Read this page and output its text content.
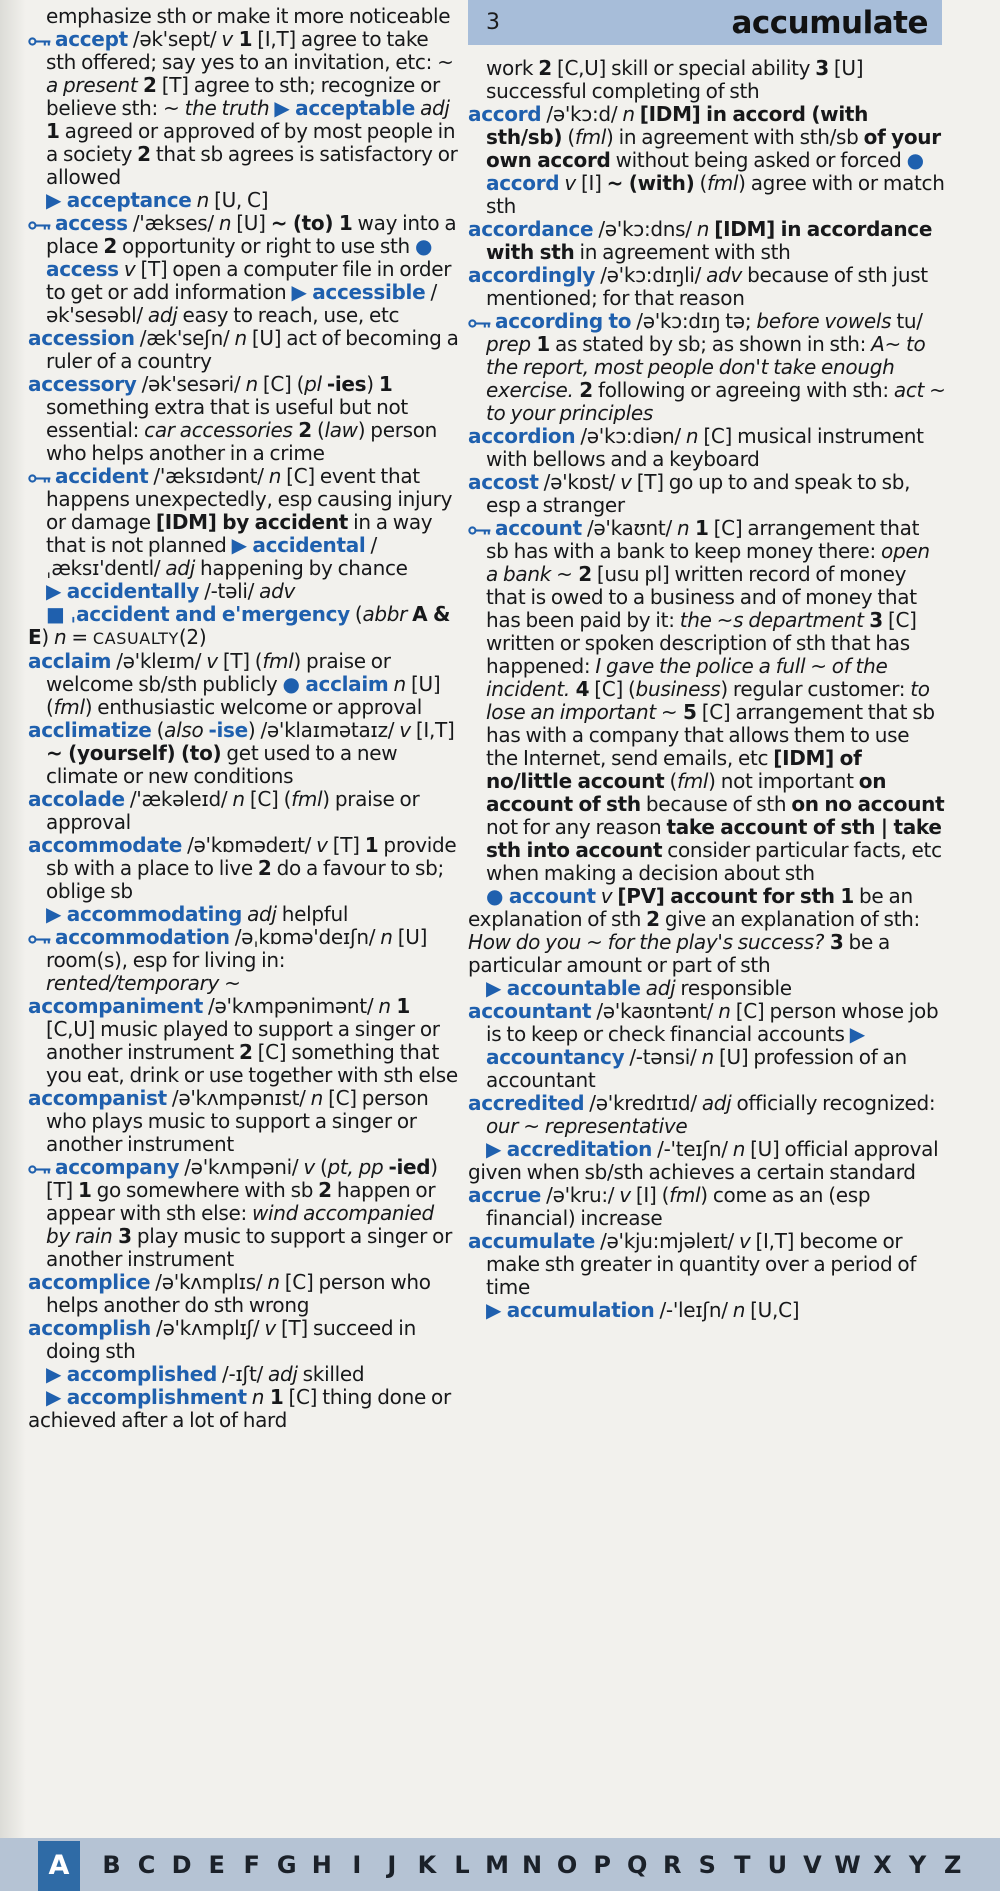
3	accumulate

emphasize sth or make it more noticeable

accept /ək'sept/ v 1 [I,T] agree to take sth offered; say yes to an invitation, etc: ~ a present 2 [T] agree to sth; recognize or believe sth: ~ the truth ▶ acceptable adj 1 agreed or approved of by most people in a society 2 that sb agrees is satisfactory or allowed

▶ acceptance n [U, C]

access /'ækses/ n [U] ~ (to) 1 way into a place 2 opportunity or right to use sth ● access v [T] open a computer file in order to get or add information ▶ accessible /ək'sesəbl/ adj easy to reach, use, etc

accession /æk'seʃn/ n [U] act of becoming a ruler of a country

accessory /ək'sesəri/ n [C] (pl -ies) 1 something extra that is useful but not essential: car accessories 2 (law) person who helps another in a crime

accident /'æksɪdənt/ n [C] event that happens unexpectedly, esp causing injury or damage [IDM] by accident in a way that is not planned ▶ accidental /ˌæksɪ'dentl/ adj happening by chance

▶ accidentally /-təli/ adv

■ ˌaccident and e'mergency (abbr A & E) n = CASUALTY(2)

acclaim /ə'kleɪm/ v [T] (fml) praise or welcome sb/sth publicly ● acclaim n [U] (fml) enthusiastic welcome or approval

acclimatize (also -ise) /ə'klaɪmətaɪz/ v [I,T] ~ (yourself) (to) get used to a new climate or new conditions

accolade /'ækəleɪd/ n [C] (fml) praise or approval

accommodate /ə'kɒmədeɪt/ v [T] 1 provide sb with a place to live 2 do a favour to sb; oblige sb

▶ accommodating adj helpful

accommodation /əˌkɒmə'deɪʃn/ n [U] room(s), esp for living in: rented/temporary ~

accompaniment /ə'kʌmpənimənt/ n 1 [C,U] music played to support a singer or another instrument 2 [C] something that you eat, drink or use together with sth else

accompanist /ə'kʌmpənɪst/ n [C] person who plays music to support a singer or another instrument

accompany /ə'kʌmpəni/ v (pt, pp -ied) [T] 1 go somewhere with sb 2 happen or appear with sth else: wind accompanied by rain 3 play music to support a singer or another instrument

accomplice /ə'kʌmplɪs/ n [C] person who helps another do sth wrong

accomplish /ə'kʌmplɪʃ/ v [T] succeed in doing sth

▶ accomplished /-ɪʃt/ adj skilled

▶ accomplishment n 1 [C] thing done or achieved after a lot of hard

work 2 [C,U] skill or special ability 3 [U] successful completing of sth

accord /ə'kɔ:d/ n [IDM] in accord (with sth/sb) (fml) in agreement with sth/sb of your own accord without being asked or forced ● accord v [I] ~ (with) (fml) agree with or match sth

accordance /ə'kɔ:dns/ n [IDM] in accordance with sth in agreement with sth

accordingly /ə'kɔ:dɪŋli/ adv because of sth just mentioned; for that reason

according to /ə'kɔ:dɪŋ tə; before vowels tu/ prep 1 as stated by sb; as shown in sth: A~ to the report, most people don't take enough exercise. 2 following or agreeing with sth: act ~ to your principles

accordion /ə'kɔ:diən/ n [C] musical instrument with bellows and a keyboard

accost /ə'kɒst/ v [T] go up to and speak to sb, esp a stranger

account /ə'kaʊnt/ n 1 [C] arrangement that sb has with a bank to keep money there: open a bank ~ 2 [usu pl] written record of money that is owed to a business and of money that has been paid by it: the ~s department 3 [C] written or spoken description of sth that has happened: I gave the police a full ~ of the incident. 4 [C] (business) regular customer: to lose an important ~ 5 [C] arrangement that sb has with a company that allows them to use the Internet, send emails, etc [IDM] of no/little account (fml) not important on account of sth because of sth on no account not for any reason take account of sth | take sth into account consider particular facts, etc when making a decision about sth

● account v [PV] account for sth 1 be an explanation of sth 2 give an explanation of sth: How do you ~ for the play's success? 3 be a particular amount or part of sth

▶ accountable adj responsible

accountant /ə'kaʊntənt/ n [C] person whose job is to keep or check financial accounts ▶ accountancy /-tənsi/ n [U] profession of an accountant

accredited /ə'kredɪtɪd/ adj officially recognized: our ~ representative

▶ accreditation /-'teɪʃn/ n [U] official approval given when sb/sth achieves a certain standard

accrue /ə'kru:/ v [I] (fml) come as an (esp financial) increase

accumulate /ə'kju:mjəleɪt/ v [I,T] become or make sth greater in quantity over a period of time

▶ accumulation /-'leɪʃn/ n [U,C]

A	B C D E F G H I	J K L M N O P Q R S T U V W X Y Z
